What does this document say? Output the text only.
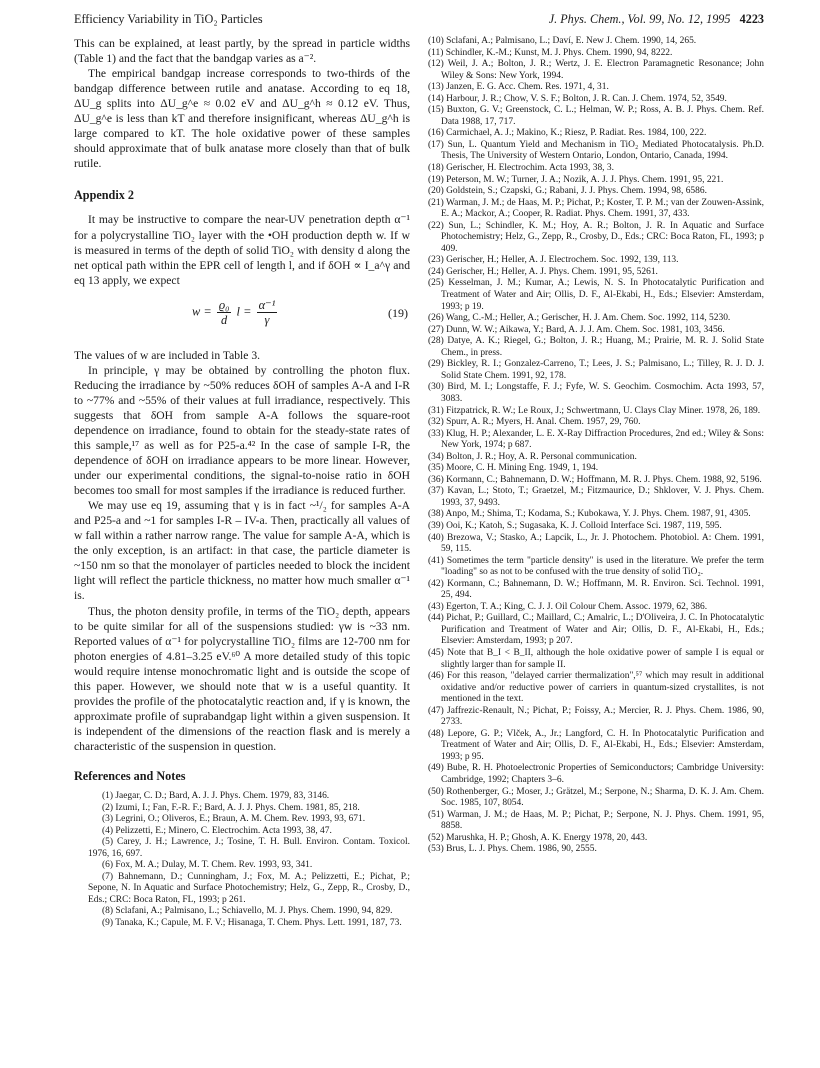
Efficiency Variability in TiO₂ Particles	J. Phys. Chem., Vol. 99, No. 12, 1995 4223

This can be explained, at least partly, by the spread in particle widths (Table 1) and the fact that the bandgap varies as a⁻².

The empirical bandgap increase corresponds to two-thirds of the bandgap difference between rutile and anatase. According to eq 18, ΔU_g splits into ΔU_g^e ≈ 0.02 eV and ΔU_g^h ≈ 0.12 eV. Thus, ΔU_g^e is less than kT and therefore insignificant, whereas ΔU_g^h is large compared to kT. The hole oxidative power of these samples should approximate that of bulk anatase more closely than that of bulk rutile.

Appendix 2

It may be instructive to compare the near-UV penetration depth α⁻¹ for a polycrystalline TiO₂ layer with the •OH production depth w. If w is measured in terms of the depth of solid TiO₂ with density d along the net optical path within the EPR cell of length l, and if δOH ∝ I_a^γ and eq 13 apply, we expect

$w = \frac{\text{ϱ₀}}{d}$ $l = \frac{\text{α⁻¹}}{\gamma}$	(19)

The values of w are included in Table 3.

In principle, γ may be obtained by controlling the photon flux. Reducing the irradiance by ~50% reduces δOH of samples A-A and I-R to ~77% and ~55% of their values at full irradiance, respectively. This suggests that δOH from sample A-A follows the square-root dependence on irradiance, found to obtain for the steady-state rates of this sample,¹⁷ as well as for P25-a.⁴² In the case of sample I-R, the dependence of δOH on irradiance appears to be more linear. However, under our experimental conditions, the signal-to-noise ratio in δOH becomes too small for most samples if the irradiance is reduced further.

We may use eq 19, assuming that γ is in fact ~¹/₂ for samples A-A and P25-a and ~1 for samples I-R – IV-a. Then, practically all values of w fall within a rather narrow range. The value for sample A-A, which is the only exception, is an artifact: in that case, the particle diameter is ~150 nm so that the monolayer of particles needed to block the incident light will reflect the particle thickness, no matter how much smaller α⁻¹ is.

Thus, the photon density profile, in terms of the TiO₂ depth, appears to be quite similar for all of the suspensions studied: γw is ~33 nm. Reported values of α⁻¹ for polycrystalline TiO₂ films are 12-700 nm for photon energies of 4.81–3.25 eV.⁶⁰ A more detailed study of this topic would require intense monochromatic light and is outside the scope of this paper. However, we should note that w is a useful quantity. It provides the profile of the photocatalytic reaction and, if γ is known, the approximate profile of suprabandgap light within a given suspension. It is independent of the dimensions of the reaction flask and is merely a characteristic of the suspension in question.

References and Notes

(1) Jaegar, C. D.; Bard, A. J. J. Phys. Chem. 1979, 83, 3146.

(2) Izumi, I.; Fan, F.-R. F.; Bard, A. J. J. Phys. Chem. 1981, 85, 218.

(3) Legrini, O.; Oliveros, E.; Braun, A. M. Chem. Rev. 1993, 93, 671.

(4) Pelizzetti, E.; Minero, C. Electrochim. Acta 1993, 38, 47.

(5) Carey, J. H.; Lawrence, J.; Tosine, T. H. Bull. Environ. Contam. Toxicol. 1976, 16, 697.

(6) Fox, M. A.; Dulay, M. T. Chem. Rev. 1993, 93, 341.

(7) Bahnemann, D.; Cunningham, J.; Fox, M. A.; Pelizzetti, E.; Pichat, P.; Sepone, N. In Aquatic and Surface Photochemistry; Helz, G., Zepp, R., Crosby, D., Eds.; CRC: Boca Raton, FL, 1993; p 261.

(8) Sclafani, A.; Palmisano, L.; Schiavello, M. J. Phys. Chem. 1990, 94, 829.

(9) Tanaka, K.; Capule, M. F. V.; Hisanaga, T. Chem. Phys. Lett. 1991, 187, 73.

(10) Sclafani, A.; Palmisano, L.; Daví, E. New J. Chem. 1990, 14, 265.

(11) Schindler, K.-M.; Kunst, M. J. Phys. Chem. 1990, 94, 8222.

(12) Weil, J. A.; Bolton, J. R.; Wertz, J. E. Electron Paramagnetic Resonance; John Wiley & Sons: New York, 1994.

(13) Janzen, E. G. Acc. Chem. Res. 1971, 4, 31.

(14) Harbour, J. R.; Chow, V. S. F.; Bolton, J. R. Can. J. Chem. 1974, 52, 3549.

(15) Buxton, G. V.; Greenstock, C. L.; Helman, W. P.; Ross, A. B. J. Phys. Chem. Ref. Data 1988, 17, 717.

(16) Carmichael, A. J.; Makino, K.; Riesz, P. Radiat. Res. 1984, 100, 222.

(17) Sun, L. Quantum Yield and Mechanism in TiO₂ Mediated Photocatalysis. Ph.D. Thesis, The University of Western Ontario, London, Ontario, Canada, 1994.

(18) Gerischer, H. Electrochim. Acta 1993, 38, 3.

(19) Peterson, M. W.; Turner, J. A.; Nozik, A. J. J. Phys. Chem. 1991, 95, 221.

(20) Goldstein, S.; Czapski, G.; Rabani, J. J. Phys. Chem. 1994, 98, 6586.

(21) Warman, J. M.; de Haas, M. P.; Pichat, P.; Koster, T. P. M.; van der Zouwen-Assink, E. A.; Mackor, A.; Cooper, R. Radiat. Phys. Chem. 1991, 37, 433.

(22) Sun, L.; Schindler, K. M.; Hoy, A. R.; Bolton, J. R. In Aquatic and Surface Photochemistry; Helz, G., Zepp, R., Crosby, D., Eds.; CRC: Boca Raton, FL, 1993; p 409.

(23) Gerischer, H.; Heller, A. J. Electrochem. Soc. 1992, 139, 113.

(24) Gerischer, H.; Heller, A. J. Phys. Chem. 1991, 95, 5261.

(25) Kesselman, J. M.; Kumar, A.; Lewis, N. S. In Photocatalytic Purification and Treatment of Water and Air; Ollis, D. F., Al-Ekabi, H., Eds.; Elsevier: Amsterdam, 1993; p 19.

(26) Wang, C.-M.; Heller, A.; Gerischer, H. J. Am. Chem. Soc. 1992, 114, 5230.

(27) Dunn, W. W.; Aikawa, Y.; Bard, A. J. J. Am. Chem. Soc. 1981, 103, 3456.

(28) Datye, A. K.; Riegel, G.; Bolton, J. R.; Huang, M.; Prairie, M. R. J. Solid State Chem., in press.

(29) Bickley, R. I.; Gonzalez-Carreno, T.; Lees, J. S.; Palmisano, L.; Tilley, R. J. D. J. Solid State Chem. 1991, 92, 178.

(30) Bird, M. I.; Longstaffe, F. J.; Fyfe, W. S. Geochim. Cosmochim. Acta 1993, 57, 3083.

(31) Fitzpatrick, R. W.; Le Roux, J.; Schwertmann, U. Clays Clay Miner. 1978, 26, 189.

(32) Spurr, A. R.; Myers, H. Anal. Chem. 1957, 29, 760.

(33) Klug, H. P.; Alexander, L. E. X-Ray Diffraction Procedures, 2nd ed.; Wiley & Sons: New York, 1974; p 687.

(34) Bolton, J. R.; Hoy, A. R. Personal communication.

(35) Moore, C. H. Mining Eng. 1949, 1, 194.

(36) Kormann, C.; Bahnemann, D. W.; Hoffmann, M. R. J. Phys. Chem. 1988, 92, 5196.

(37) Kavan, L.; Stoto, T.; Graetzel, M.; Fitzmaurice, D.; Shklover, V. J. Phys. Chem. 1993, 37, 9493.

(38) Anpo, M.; Shima, T.; Kodama, S.; Kubokawa, Y. J. Phys. Chem. 1987, 91, 4305.

(39) Ooi, K.; Katoh, S.; Sugasaka, K. J. Colloid Interface Sci. 1987, 119, 595.

(40) Brezowa, V.; Stasko, A.; Lapcik, L., Jr. J. Photochem. Photobiol. A: Chem. 1991, 59, 115.

(41) Sometimes the term "particle density" is used in the literature. We prefer the term "loading" so as not to be confused with the true density of solid TiO₂.

(42) Kormann, C.; Bahnemann, D. W.; Hoffmann, M. R. Environ. Sci. Technol. 1991, 25, 494.

(43) Egerton, T. A.; King, C. J. J. Oil Colour Chem. Assoc. 1979, 62, 386.

(44) Pichat, P.; Guillard, C.; Maillard, C.; Amalric, L.; D'Oliveira, J. C. In Photocatalytic Purification and Treatment of Water and Air; Ollis, D. F., Al-Ekabi, H., Eds.; Elsevier: Amsterdam, 1993; p 207.

(45) Note that B_I < B_II, although the hole oxidative power of sample I is equal or slightly larger than for sample II.

(46) For this reason, "delayed carrier thermalization",⁵⁷ which may result in additional oxidative and/or reductive power of carriers in quantum-sized crystallites, is not mentioned in the text.

(47) Jaffrezic-Renault, N.; Pichat, P.; Foissy, A.; Mercier, R. J. Phys. Chem. 1986, 90, 2733.

(48) Lepore, G. P.; Vlček, A., Jr.; Langford, C. H. In Photocatalytic Purification and Treatment of Water and Air; Ollis, D. F., Al-Ekabi, H., Eds.; Elsevier: Amsterdam, 1993; p 95.

(49) Bube, R. H. Photoelectronic Properties of Semiconductors; Cambridge University: Cambridge, 1992; Chapters 3–6.

(50) Rothenberger, G.; Moser, J.; Grätzel, M.; Serpone, N.; Sharma, D. K. J. Am. Chem. Soc. 1985, 107, 8054.

(51) Warman, J. M.; de Haas, M. P.; Pichat, P.; Serpone, N. J. Phys. Chem. 1991, 95, 8858.

(52) Marushka, H. P.; Ghosh, A. K. Energy 1978, 20, 443.

(53) Brus, L. J. Phys. Chem. 1986, 90, 2555.
